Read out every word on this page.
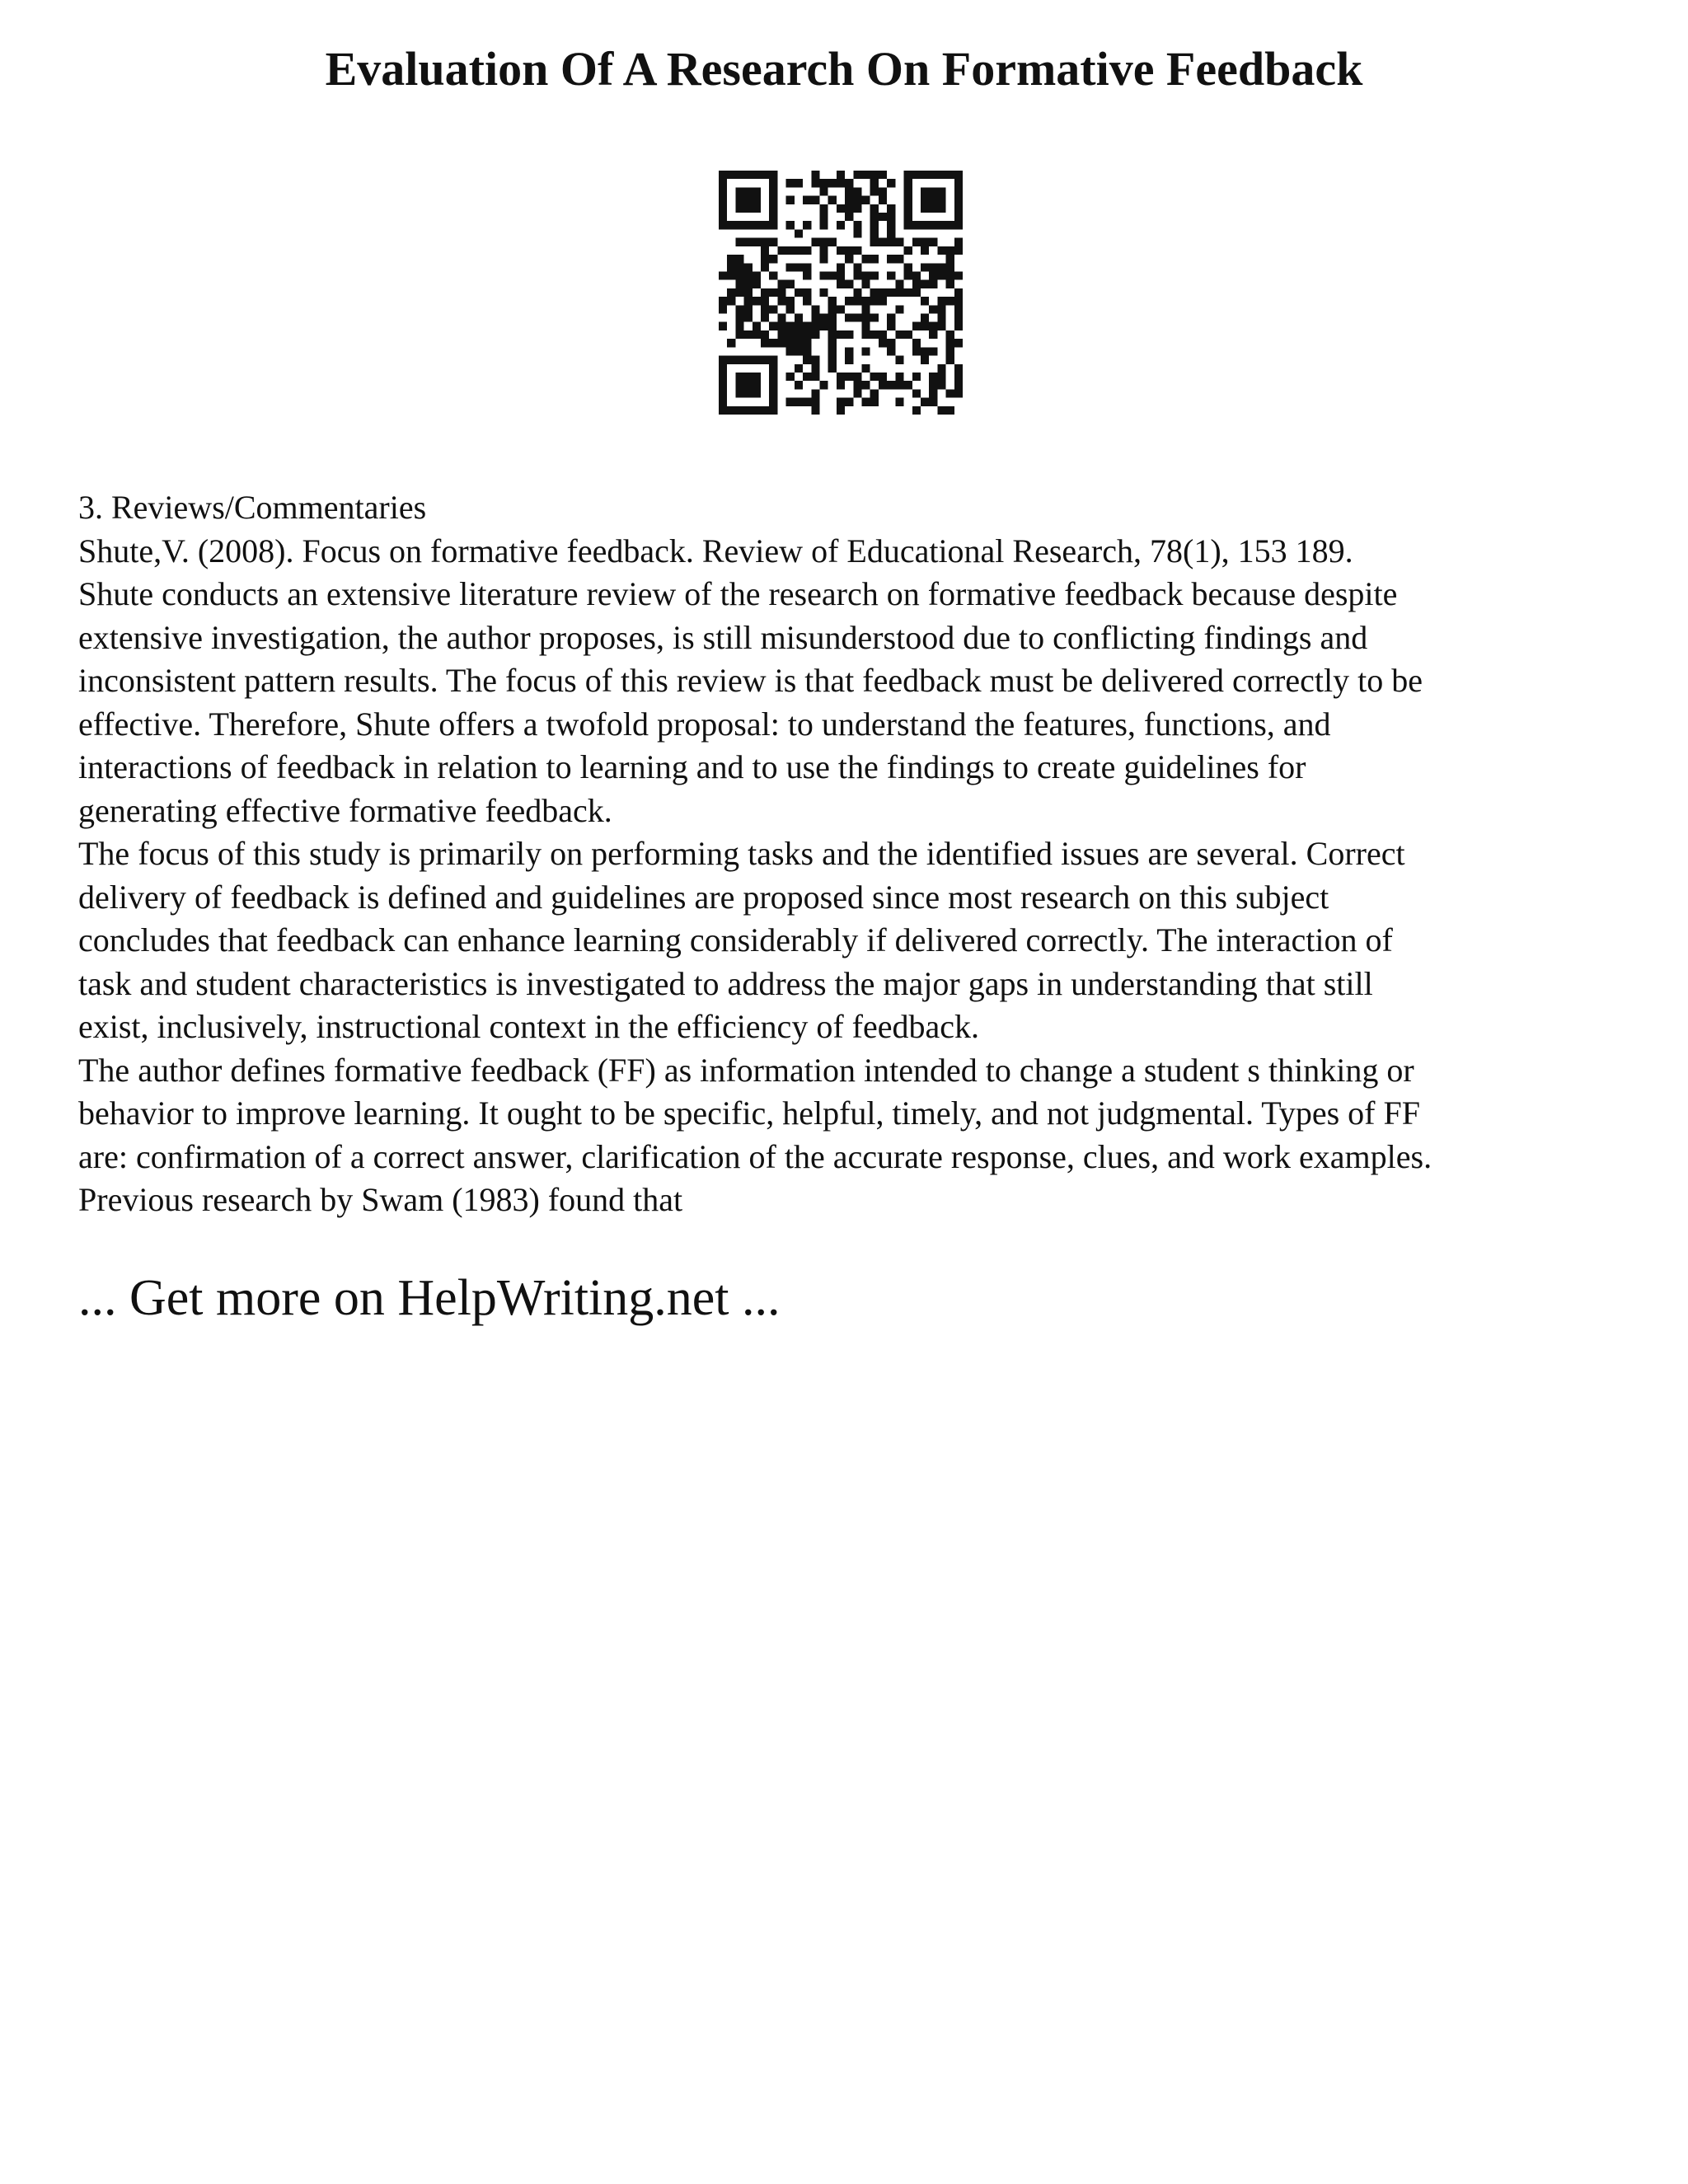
Evaluation Of A Research On Formative Feedback
3. Reviews/Commentaries
Shute,V. (2008). Focus on formative feedback. Review of Educational Research, 78(1), 153 189.
Shute conducts an extensive literature review of the research on formative feedback because despite
extensive investigation, the author proposes, is still misunderstood due to conflicting findings and
inconsistent pattern results. The focus of this review is that feedback must be delivered correctly to be
effective. Therefore, Shute offers a twofold proposal: to understand the features, functions, and
interactions of feedback in relation to learning and to use the findings to create guidelines for
generating effective formative feedback.
The focus of this study is primarily on performing tasks and the identified issues are several. Correct
delivery of feedback is defined and guidelines are proposed since most research on this subject
concludes that feedback can enhance learning considerably if delivered correctly. The interaction of
task and student characteristics is investigated to address the major gaps in understanding that still
exist, inclusively, instructional context in the efficiency of feedback.
The author defines formative feedback (FF) as information intended to change a student s thinking or
behavior to improve learning. It ought to be specific, helpful, timely, and not judgmental. Types of FF
are: confirmation of a correct answer, clarification of the accurate response, clues, and work examples.
Previous research by Swam (1983) found that
... Get more on HelpWriting.net ...
